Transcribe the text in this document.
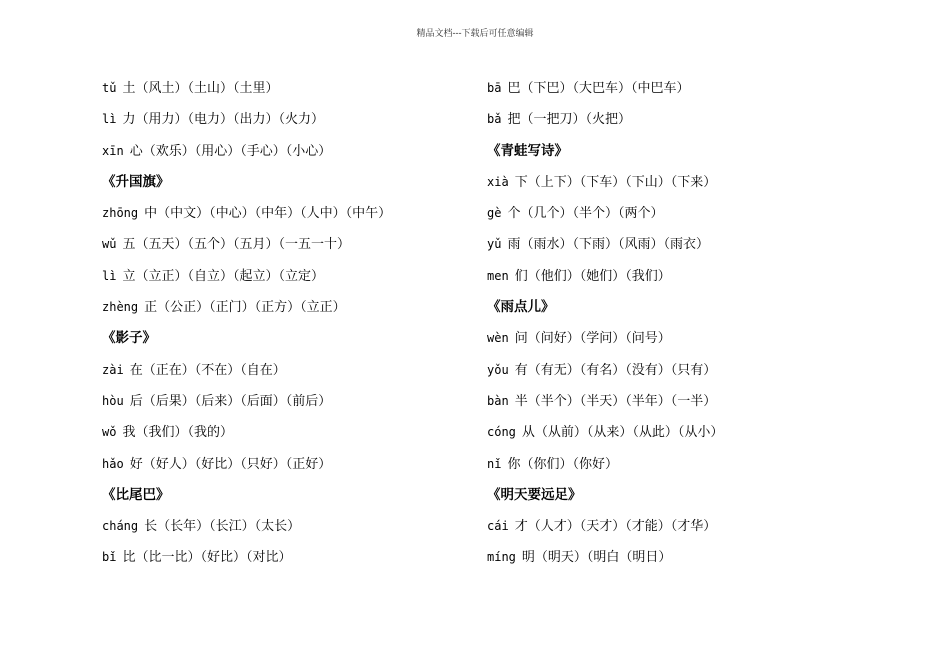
精品文档---下载后可任意编辑
tǔ 土（风土）（土山）（土里）
lì 力（用力）（电力）（出力）（火力）
xīn 心（欢乐）（用心）（手心）（小心）
《升国旗》
zhōng 中（中文）（中心）（中年）（人中）（中午）
wǔ 五（五天）（五个）（五月）（一五一十）
lì 立（立正）（自立）（起立）（立定）
zhèng 正（公正）（正门）（正方）（立正）
《影子》
zài 在（正在）（不在）（自在）
hòu 后（后果）（后来）（后面）（前后）
wǒ 我（我们）（我的）
hǎo 好（好人）（好比）（只好）（正好）
《比尾巴》
cháng 长（长年）（长江）（太长）
bǐ 比（比一比）（好比）（对比）
bā 巴（下巴）（大巴车）（中巴车）
bǎ 把（一把刀）（火把）
《青蛙写诗》
xià 下（上下）（下车）（下山）（下来）
gè 个（几个）（半个）（两个）
yǔ 雨（雨水）（下雨）（风雨）（雨衣）
men 们（他们）（她们）（我们）
《雨点儿》
wèn 问（问好）（学问）（问号）
yǒu 有（有无）（有名）（没有）（只有）
bàn 半（半个）（半天）（半年）（一半）
cóng 从（从前）（从来）（从此）（从小）
nǐ 你（你们）（你好）
《明天要远足》
cái 才（人才）（天才）（才能）（才华）
míng 明（明天）（明白（明日）
